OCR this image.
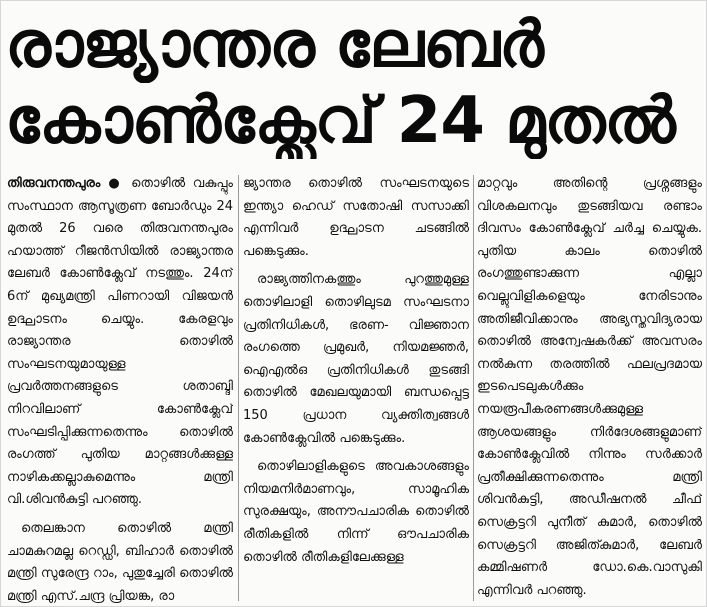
രാജ്യാന്തര ലേബർ
കോൺക്ലേവ് 24 മുതൽ

തിരുവനന്തപുരം ● തൊഴിൽ വകുപ്പും സംസ്ഥാന ആസൂത്രണ ബോർഡും 24 മുതൽ 26 വരെ തിരുവനന്തപുരം ഹയാത്ത് റീജൻസിയിൽ രാജ്യാന്തര ലേബർ കോൺക്ലേവ് നടത്തും. 24ന് 6ന് മുഖ്യമന്ത്രി പിണറായി വിജയൻ ഉദ്ഘാടനം ചെയ്യും. കേരളവും രാജ്യാന്തര തൊഴിൽ സംഘടനയുമായുള്ള പ്രവർത്തനങ്ങളുടെ ശതാബ്ദി നിറവിലാണ് കോൺക്ലേവ് സംഘടിപ്പിക്കുന്നതെന്നും തൊഴിൽ രംഗത്ത് പുതിയ മാറ്റങ്ങൾക്കുള്ള നാഴികക്കല്ലാകുമെന്നും മന്ത്രി വി.ശിവൻകുട്ടി പറഞ്ഞു.

തെലങ്കാന തൊഴിൽ മന്ത്രി ചാമകുറമല്ല റെഡ്ഡി, ബിഹാർ തൊഴിൽ മന്ത്രി സുരേന്ദ്ര റാം, പുതുച്ചേരി തൊഴിൽ മന്ത്രി എസ്.ചന്ദ്ര പ്രിയങ്ക, രാ

ജ്യാന്തര തൊഴിൽ സംഘടനയുടെ ഇന്ത്യാ ഹെഡ് സതോഷി സസാക്കി എന്നിവർ ഉദ്ഘാടന ചടങ്ങിൽ പങ്കെടുക്കും.

രാജ്യത്തിനകത്തും പുറത്തുമുള്ള തൊഴിലാളി തൊഴിലുടമ സംഘടനാ പ്രതിനിധികൾ, ഭരണ- വിജ്ഞാന രംഗത്തെ പ്രമുഖർ, നിയമജ്ഞർ, ഐഎൽഒ പ്രതിനിധികൾ തുടങ്ങി തൊഴിൽ മേഖലയുമായി ബന്ധപ്പെട്ട 150 പ്രധാന വ്യക്തിത്വങ്ങൾ കോൺക്ലേവിൽ പങ്കെടുക്കും.

തൊഴിലാളികളുടെ അവകാശങ്ങളും നിയമനിർമാണവും, സാമൂഹിക സുരക്ഷയും, അനൗപചാരിക തൊഴിൽ രീതികളിൽ നിന്ന് ഔപചാരിക തൊഴിൽ രീതികളിലേക്കുള്ള

മാറ്റവും അതിന്റെ പ്രശ്നങ്ങളും വിശകലനവും തുടങ്ങിയവ രണ്ടാം ദിവസം കോൺക്ലേവ് ചർച്ച ചെയ്യുക. പുതിയ കാലം തൊഴിൽ രംഗത്തുണ്ടാക്കുന്ന എല്ലാ വെല്ലുവിളികളെയും നേരിടാനും അതിജീവിക്കാനും അഭ്യസ്തവിദ്യരായ തൊഴിൽ അന്വേഷകർക്ക് അവസരം നൽകുന്ന തരത്തിൽ ഫലപ്രദമായ ഇടപെടലുകൾക്കും നയരൂപീകരണങ്ങൾക്കുമുള്ള ആശയങ്ങളും നിർദേശങ്ങളുമാണ് കോൺക്ലേവിൽ നിന്നും സർക്കാർ പ്രതീക്ഷിക്കുന്നതെന്നും മന്ത്രി ശിവൻകുട്ടി, അഡീഷനൽ ചീഫ് സെക്രട്ടറി പുനീത് കുമാർ, തൊഴിൽ സെക്രട്ടറി അജിത്കുമാർ, ലേബർ കമ്മിഷണർ ഡോ.കെ.വാസുകി എന്നിവർ പറഞ്ഞു.
